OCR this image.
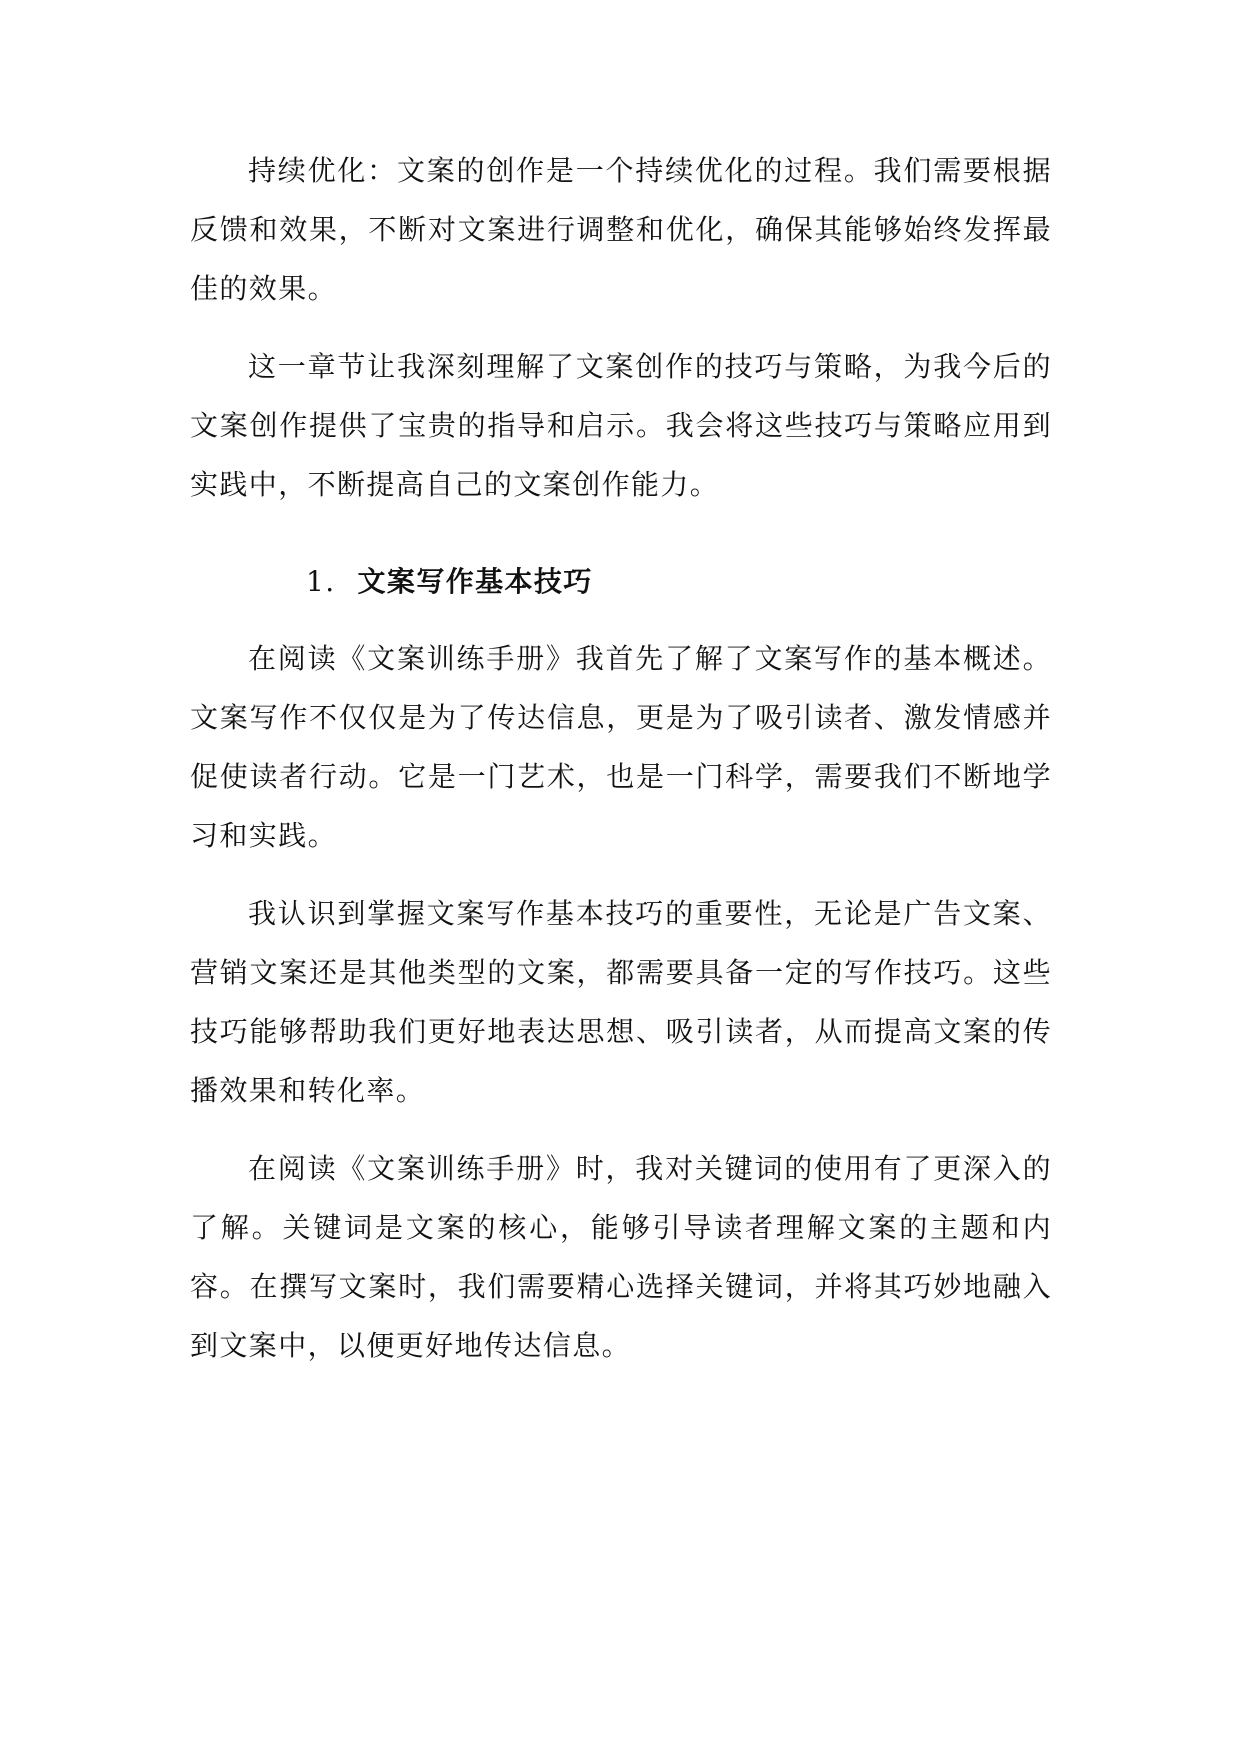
持续优化：文案的创作是一个持续优化的过程。我们需要根据反馈和效果，不断对文案进行调整和优化，确保其能够始终发挥最佳的效果。

这一章节让我深刻理解了文案创作的技巧与策略，为我今后的文案创作提供了宝贵的指导和启示。我会将这些技巧与策略应用到实践中，不断提高自己的文案创作能力。

1. 文案写作基本技巧

在阅读《文案训练手册》我首先了解了文案写作的基本概述。文案写作不仅仅是为了传达信息，更是为了吸引读者、激发情感并促使读者行动。它是一门艺术，也是一门科学，需要我们不断地学习和实践。

我认识到掌握文案写作基本技巧的重要性，无论是广告文案、营销文案还是其他类型的文案，都需要具备一定的写作技巧。这些技巧能够帮助我们更好地表达思想、吸引读者，从而提高文案的传播效果和转化率。

在阅读《文案训练手册》时，我对关键词的使用有了更深入的了解。关键词是文案的核心，能够引导读者理解文案的主题和内容。在撰写文案时，我们需要精心选择关键词，并将其巧妙地融入到文案中，以便更好地传达信息。
